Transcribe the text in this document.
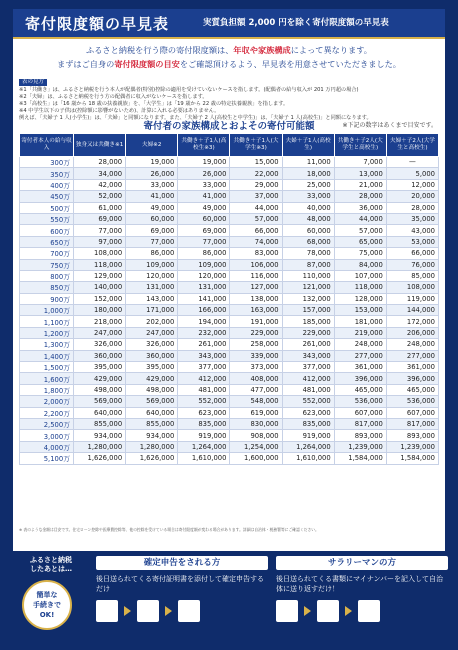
寄付限度額の早見表	実質負担額 2,000 円を除く寄付限度額の早見表
ふるさと納税を行う際の寄付限度額は、年収や家族構成によって異なります。
まずはご自身の寄付限度額の目安をご確認頂けるよう、早見表を用意させていただきました。
表の見方
※1「共働き」は、ふるさと納税を行う本人が配偶者(特別)控除の適用を受けていないケースを指します。(配偶者の給与収入が 201 万円超の場合)
※2「夫婦」は、ふるさと納税を行う方の配偶者に収入がないケースを指します。
※3「高校生」は「16 歳から 18 歳の扶養親族」を、「大学生」は「19 歳から 22 歳の特定扶養親族」を指します。
※4 中学生以下の子供は(控除額に影響がないため)、計算に入れる必要はありません。
例えば、「夫婦子 1 人(小学生)」は、「夫婦」と同額になります。また、「夫婦子 2 人(高校生と中学生)」は、「夫婦子 1 人(高校生)」と同額になります。
寄付者の家族構成とおよその寄付可能額	※下記の数字はあくまで目安です。
寄付者本人の給与収入	独身又は共働き※1	夫婦※2	共働き＋子1人(高校生※3)	共働き＋子1人(大学生※3)	夫婦＋子1人(高校生)	共働き＋子2人(大学生と高校生)	夫婦＋子2人(大学生と高校生)
300万	28,000	19,000	19,000	15,000	11,000	7,000	—
350万	34,000	26,000	26,000	22,000	18,000	13,000	5,000
400万	42,000	33,000	33,000	29,000	25,000	21,000	12,000
450万	52,000	41,000	41,000	37,000	33,000	28,000	20,000
500万	61,000	49,000	49,000	44,000	40,000	36,000	28,000
550万	69,000	60,000	60,000	57,000	48,000	44,000	35,000
600万	77,000	69,000	69,000	66,000	60,000	57,000	43,000
650万	97,000	77,000	77,000	74,000	68,000	65,000	53,000
700万	108,000	86,000	86,000	83,000	78,000	75,000	66,000
750万	118,000	109,000	109,000	106,000	87,000	84,000	76,000
800万	129,000	120,000	120,000	116,000	110,000	107,000	85,000
850万	140,000	131,000	131,000	127,000	121,000	118,000	108,000
900万	152,000	143,000	141,000	138,000	132,000	128,000	119,000
1,000万	180,000	171,000	166,000	163,000	157,000	153,000	144,000
1,100万	218,000	202,000	194,000	191,000	185,000	181,000	172,000
1,200万	247,000	247,000	232,000	229,000	229,000	219,000	206,000
1,300万	326,000	326,000	261,000	258,000	261,000	248,000	248,000
1,400万	360,000	360,000	343,000	339,000	343,000	277,000	277,000
1,500万	395,000	395,000	377,000	373,000	377,000	361,000	361,000
1,600万	429,000	429,000	412,000	408,000	412,000	396,000	396,000
1,800万	498,000	498,000	481,000	477,000	481,000	465,000	465,000
2,000万	569,000	569,000	552,000	548,000	552,000	536,000	536,000
2,200万	640,000	640,000	623,000	619,000	623,000	607,000	607,000
2,500万	855,000	855,000	835,000	830,000	835,000	817,000	817,000
3,000万	934,000	934,000	919,000	908,000	919,000	893,000	893,000
4,000万	1,280,000	1,280,000	1,264,000	1,254,000	1,264,000	1,239,000	1,239,000
5,100万	1,626,000	1,626,000	1,610,000	1,600,000	1,610,000	1,584,000	1,584,000
※ 表のような金額は目安です。住宅ローン控除や医療費控除等、他の控除を受けている場合は寄付限度額が変わる場合があります。詳細は自治体・税務署等にご確認ください。
ふるさと納税
したあとは…
簡単な
手続きで
OK!
確定申告をされる方
後日送られてくる寄付証明書を添付して確定申告するだけ
サラリーマンの方
後日送られてくる書類にマイナンバーを記入して自治体に送り返すだけ！
